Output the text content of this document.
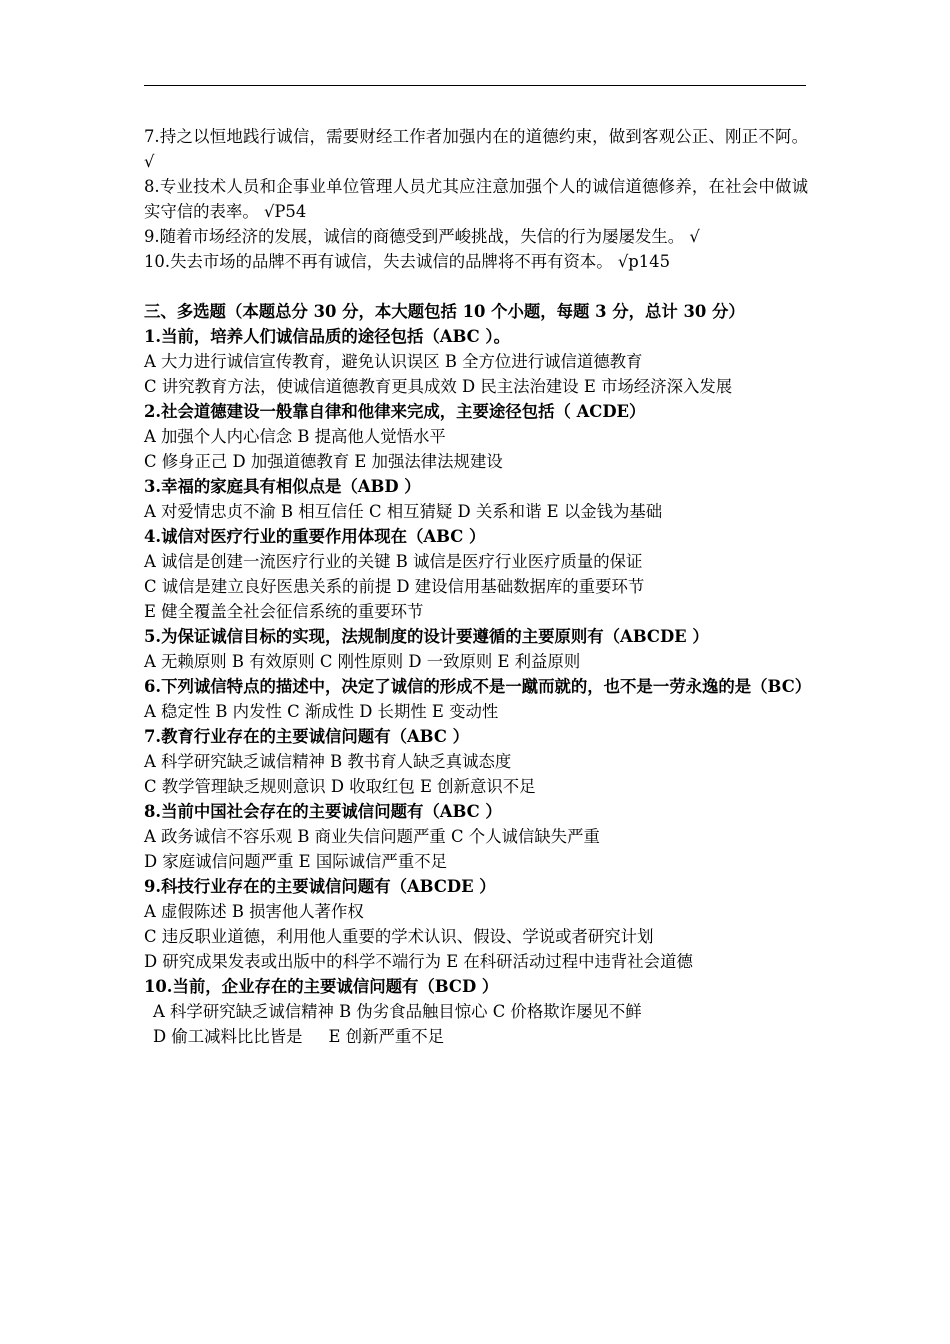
7.持之以恒地践行诚信，需要财经工作者加强内在的道德约束，做到客观公正、刚正不阿。 √

8.专业技术人员和企事业单位管理人员尤其应注意加强个人的诚信道德修养，在社会中做诚实守信的表率。 √P54

9.随着市场经济的发展，诚信的商德受到严峻挑战，失信的行为屡屡发生。 √

10.失去市场的品牌不再有诚信，失去诚信的品牌将不再有资本。 √p145

三、多选题（本题总分 30 分，本大题包括 10 个小题，每题 3 分，总计 30 分）

1.当前，培养人们诚信品质的途径包括（ABC ）。

A 大力进行诚信宣传教育，避免认识误区 B 全方位进行诚信道德教育

C 讲究教育方法，使诚信道德教育更具成效 D 民主法治建设 E 市场经济深入发展

2.社会道德建设一般靠自律和他律来完成，主要途径包括（ ACDE）

A 加强个人内心信念 B 提高他人觉悟水平

C 修身正己 D 加强道德教育 E 加强法律法规建设

3.幸福的家庭具有相似点是（ABD ）

A 对爱情忠贞不渝 B 相互信任 C 相互猜疑 D 关系和谐 E 以金钱为基础

4.诚信对医疗行业的重要作用体现在（ABC ）

A 诚信是创建一流医疗行业的关键 B 诚信是医疗行业医疗质量的保证

C 诚信是建立良好医患关系的前提 D 建设信用基础数据库的重要环节

E 健全覆盖全社会征信系统的重要环节

5.为保证诚信目标的实现，法规制度的设计要遵循的主要原则有（ABCDE ）

A 无赖原则 B 有效原则 C 刚性原则 D 一致原则 E 利益原则

6.下列诚信特点的描述中，决定了诚信的形成不是一蹴而就的，也不是一劳永逸的是（BC）

A 稳定性 B 内发性 C 渐成性 D 长期性 E 变动性

7.教育行业存在的主要诚信问题有（ABC ）

A 科学研究缺乏诚信精神 B 教书育人缺乏真诚态度

C 教学管理缺乏规则意识 D 收取红包 E 创新意识不足

8.当前中国社会存在的主要诚信问题有（ABC ）

A 政务诚信不容乐观 B 商业失信问题严重 C 个人诚信缺失严重

D 家庭诚信问题严重 E 国际诚信严重不足

9.科技行业存在的主要诚信问题有（ABCDE ）

A 虚假陈述 B 损害他人著作权

C 违反职业道德，利用他人重要的学术认识、假设、学说或者研究计划

D 研究成果发表或出版中的科学不端行为 E 在科研活动过程中违背社会道德

10.当前，企业存在的主要诚信问题有（BCD ）

A 科学研究缺乏诚信精神 B 伪劣食品触目惊心 C 价格欺诈屡见不鲜

D 偷工减料比比皆是     E 创新严重不足
